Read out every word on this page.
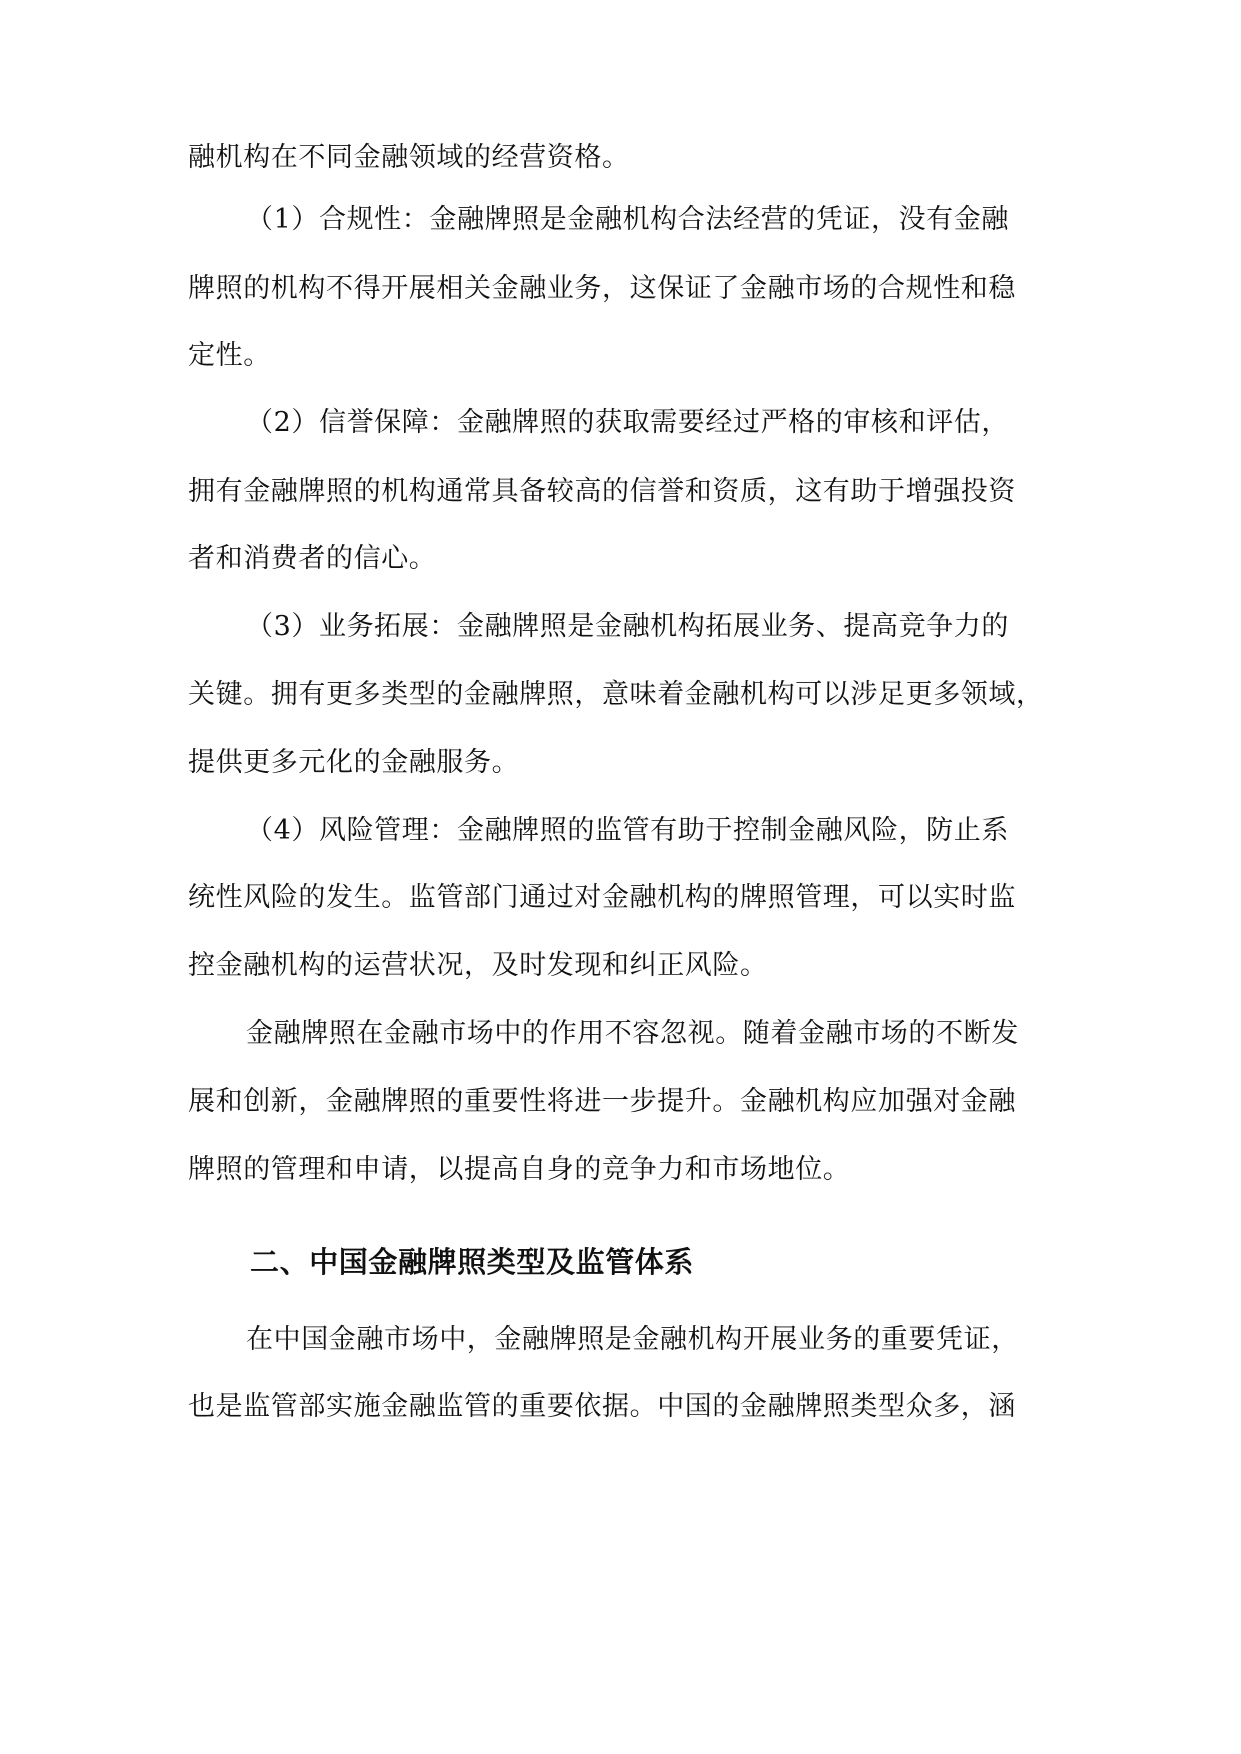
融机构在不同金融领域的经营资格。
（1）合规性：金融牌照是金融机构合法经营的凭证，没有金融
牌照的机构不得开展相关金融业务，这保证了金融市场的合规性和稳
定性。
（2）信誉保障：金融牌照的获取需要经过严格的审核和评估，
拥有金融牌照的机构通常具备较高的信誉和资质，这有助于增强投资
者和消费者的信心。
（3）业务拓展：金融牌照是金融机构拓展业务、提高竞争力的
关键。拥有更多类型的金融牌照，意味着金融机构可以涉足更多领域，
提供更多元化的金融服务。
（4）风险管理：金融牌照的监管有助于控制金融风险，防止系
统性风险的发生。监管部门通过对金融机构的牌照管理，可以实时监
控金融机构的运营状况，及时发现和纠正风险。
金融牌照在金融市场中的作用不容忽视。随着金融市场的不断发
展和创新，金融牌照的重要性将进一步提升。金融机构应加强对金融
牌照的管理和申请，以提高自身的竞争力和市场地位。
二、中国金融牌照类型及监管体系
在中国金融市场中，金融牌照是金融机构开展业务的重要凭证，
也是监管部实施金融监管的重要依据。中国的金融牌照类型众多，涵
